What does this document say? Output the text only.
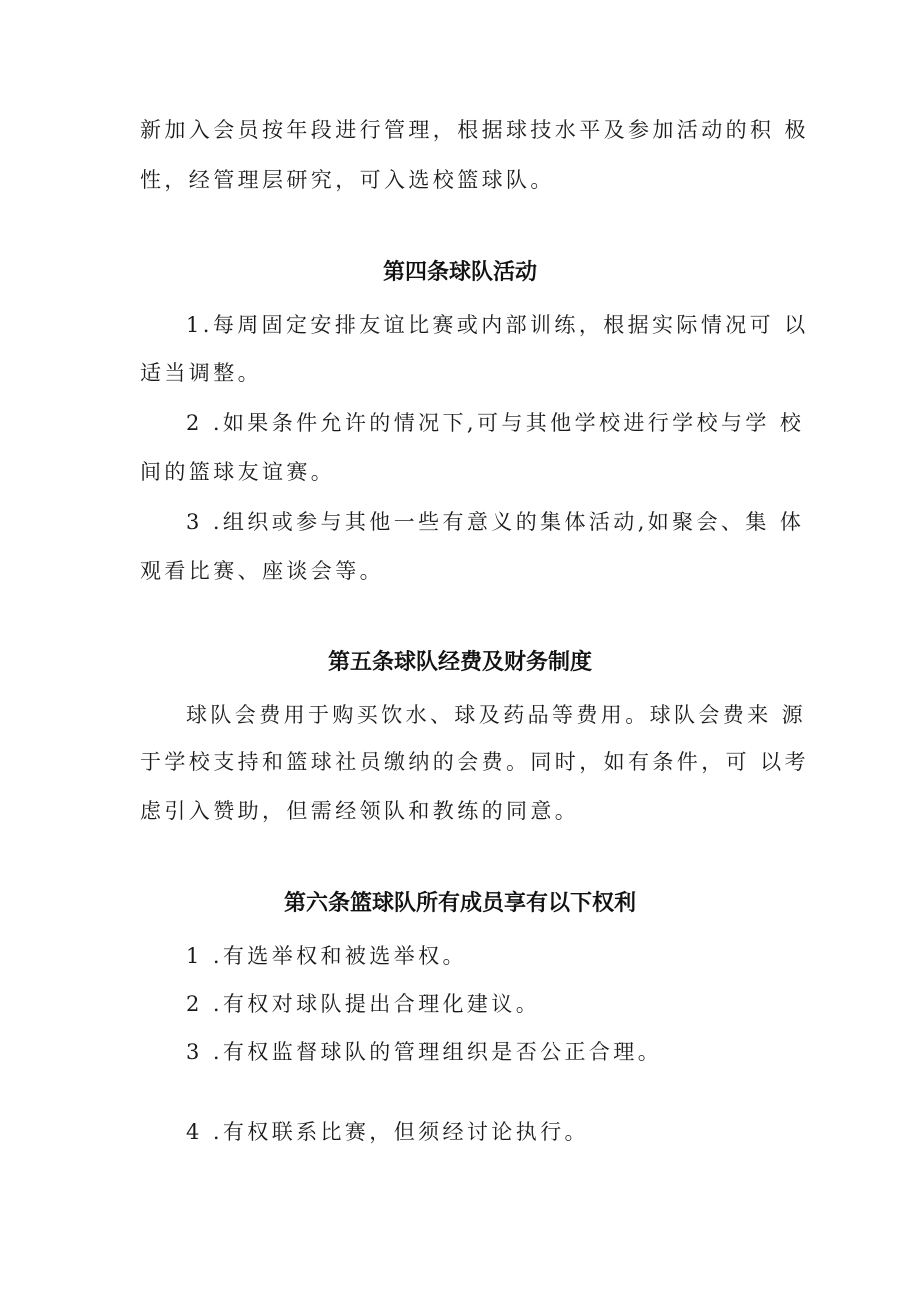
新加入会员按年段进行管理，根据球技水平及参加活动的积 极
性，经管理层研究，可入选校篮球队。
第四条球队活动
1.每周固定安排友谊比赛或内部训练，根据实际情况可 以
适当调整。
2 .如果条件允许的情况下,可与其他学校进行学校与学 校
间的篮球友谊赛。
3 .组织或参与其他一些有意义的集体活动,如聚会、集 体
观看比赛、座谈会等。
第五条球队经费及财务制度
球队会费用于购买饮水、球及药品等费用。球队会费来 源
于学校支持和篮球社员缴纳的会费。同时，如有条件，可 以考
虑引入赞助，但需经领队和教练的同意。
第六条篮球队所有成员享有以下权利
1 .有选举权和被选举权。
2 .有权对球队提出合理化建议。
3 .有权监督球队的管理组织是否公正合理。
4 .有权联系比赛，但须经讨论执行。
